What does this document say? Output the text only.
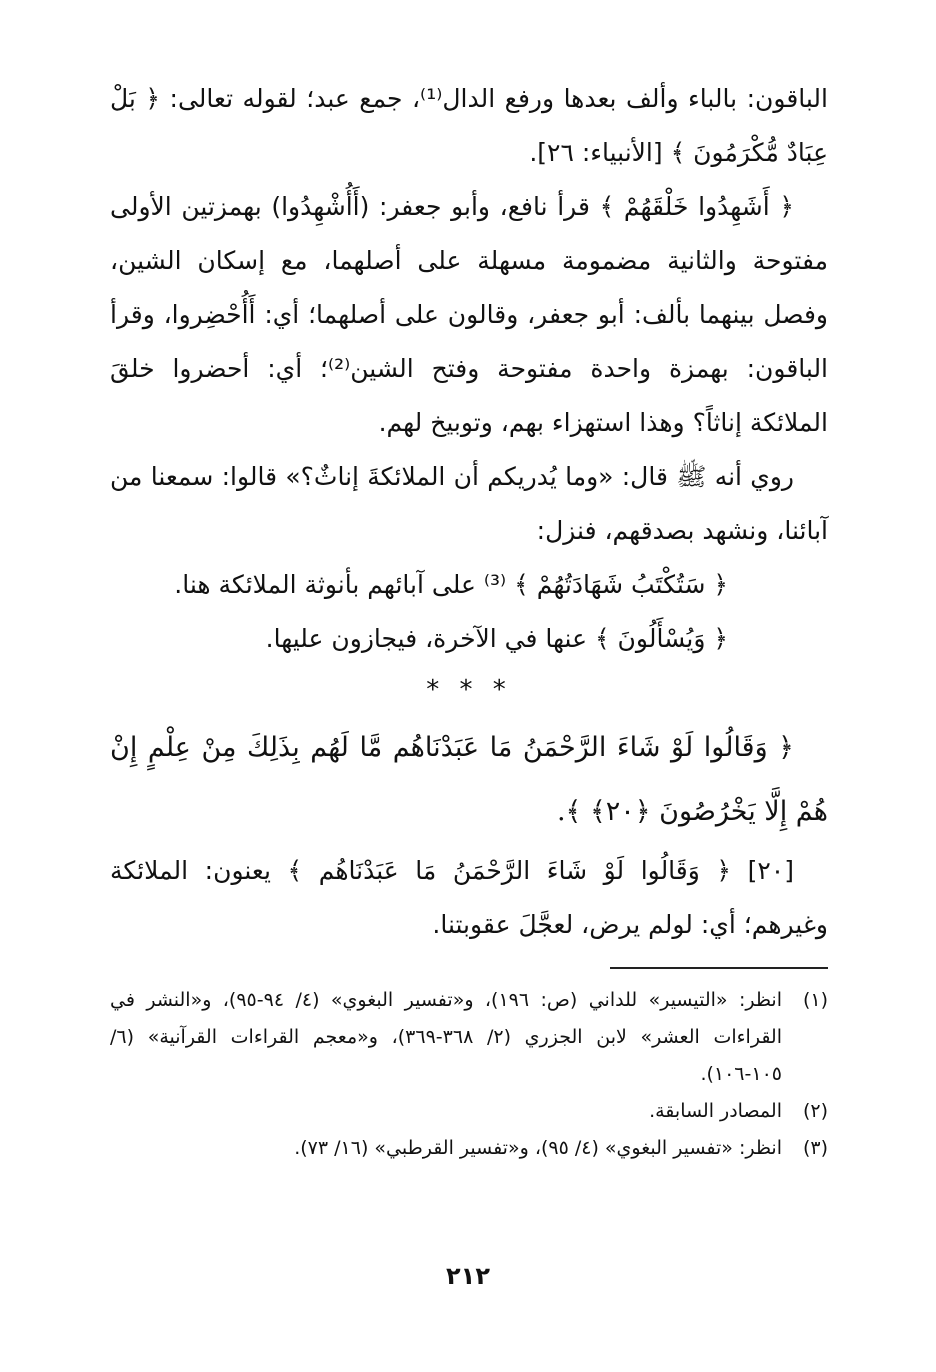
الباقون: بالباء وألف بعدها ورفع الدال⁽¹⁾، جمع عبد؛ لقوله تعالى: ﴿ بَلْ عِبَادٌ مُّكْرَمُونَ ﴾ [الأنبياء: ٢٦].

﴿ أَشَهِدُوا خَلْقَهُمْ ﴾ قرأ نافع، وأبو جعفر: (أَأُشْهِدُوا) بهمزتين الأولى مفتوحة والثانية مضمومة مسهلة على أصلهما، مع إسكان الشين، وفصل بينهما بألف: أبو جعفر، وقالون على أصلهما؛ أي: أَأُحْضِروا، وقرأ الباقون: بهمزة واحدة مفتوحة وفتح الشين⁽²⁾؛ أي: أحضروا خلقَ الملائكة إناثاً؟ وهذا استهزاء بهم، وتوبيخ لهم.

روي أنه ﷺ قال: «وما يُدريكم أن الملائكةَ إناثٌ؟» قالوا: سمعنا من آبائنا، ونشهد بصدقهم، فنزل:

﴿ سَتُكْتَبُ شَهَادَتُهُمْ ﴾ ⁽³⁾ على آبائهم بأنوثة الملائكة هنا.

﴿ وَيُسْأَلُونَ ﴾ عنها في الآخرة، فيجازون عليها.

* * *

﴿ وَقَالُوا لَوْ شَاءَ الرَّحْمَنُ مَا عَبَدْنَاهُم مَّا لَهُم بِذَلِكَ مِنْ عِلْمٍ إِنْ هُمْ إِلَّا يَخْرُصُونَ ﴿٢٠﴾ ﴾.

[٢٠] ﴿ وَقَالُوا لَوْ شَاءَ الرَّحْمَنُ مَا عَبَدْنَاهُم ﴾ يعنون: الملائكة وغيرهم؛ أي: لولم يرض، لعجَّلَ عقوبتنا.

(١)
انظر: «التيسير» للداني (ص: ١٩٦)، و«تفسير البغوي» (٤/ ٩٤-٩٥)، و«النشر في القراءات العشر» لابن الجزري (٢/ ٣٦٨-٣٦٩)، و«معجم القراءات القرآنية» (٦/ ١٠٥-١٠٦).
(٢)
المصادر السابقة.
(٣)
انظر: «تفسير البغوي» (٤/ ٩٥)، و«تفسير القرطبي» (١٦/ ٧٣).
٢١٢
